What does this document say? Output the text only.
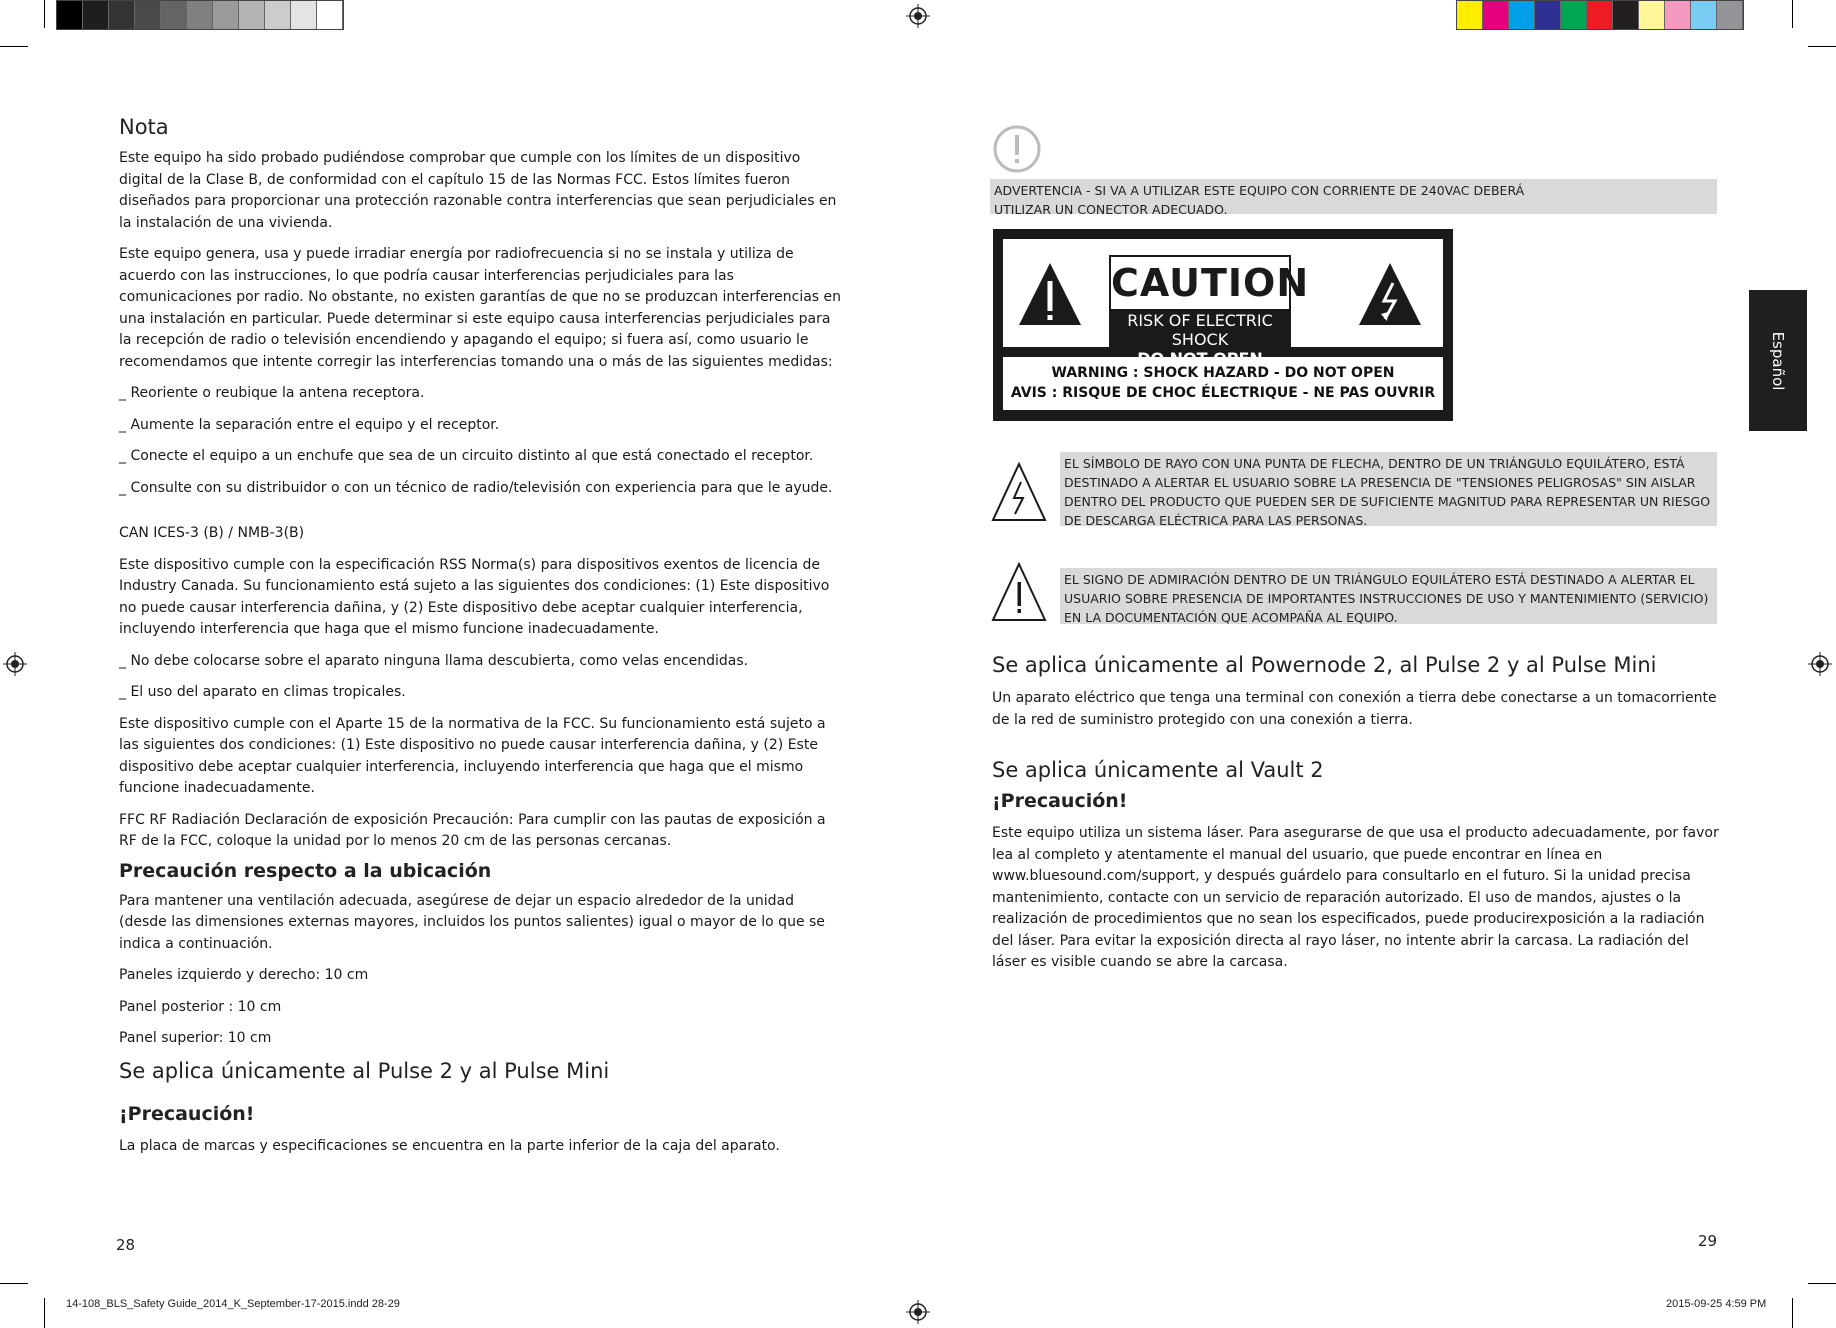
Nota

Este equipo ha sido probado pudiéndose comprobar que cumple con los límites de un dispositivo digital de la Clase B, de conformidad con el capítulo 15 de las Normas FCC. Estos límites fueron diseñados para proporcionar una protección razonable contra interferencias que sean perjudiciales en la instalación de una vivienda.

Este equipo genera, usa y puede irradiar energía por radiofrecuencia si no se instala y utiliza de acuerdo con las instrucciones, lo que podría causar interferencias perjudiciales para las comunicaciones por radio. No obstante, no existen garantías de que no se produzcan interferencias en una instalación en particular. Puede determinar si este equipo causa interferencias perjudiciales para la recepción de radio o televisión encendiendo y apagando el equipo; si fuera así, como usuario le recomendamos que intente corregir las interferencias tomando una o más de las siguientes medidas:

_ Reoriente o reubique la antena receptora.

_ Aumente la separación entre el equipo y el receptor.

_ Conecte el equipo a un enchufe que sea de un circuito distinto al que está conectado el receptor.

_ Consulte con su distribuidor o con un técnico de radio/televisión con experiencia para que le ayude.

CAN ICES-3 (B) / NMB-3(B)

Este dispositivo cumple con la especificación RSS Norma(s) para dispositivos exentos de licencia de Industry Canada. Su funcionamiento está sujeto a las siguientes dos condiciones: (1) Este dispositivo no puede causar interferencia dañina, y (2) Este dispositivo debe aceptar cualquier interferencia, incluyendo interferencia que haga que el mismo funcione inadecuadamente.

_ No debe colocarse sobre el aparato ninguna llama descubierta, como velas encendidas.

_ El uso del aparato en climas tropicales.

Este dispositivo cumple con el Aparte 15 de la normativa de la FCC. Su funcionamiento está sujeto a las siguientes dos condiciones: (1) Este dispositivo no puede causar interferencia dañina, y (2) Este dispositivo debe aceptar cualquier interferencia, incluyendo interferencia que haga que el mismo funcione inadecuadamente.

FFC RF Radiación Declaración de exposición Precaución: Para cumplir con las pautas de exposición a RF de la FCC, coloque la unidad por lo menos 20 cm de las personas cercanas.

Precaución respecto a la ubicación

Para mantener una ventilación adecuada, asegúrese de dejar un espacio alrededor de la unidad (desde las dimensiones externas mayores, incluidos los puntos salientes) igual o mayor de lo que se indica a continuación.

Paneles izquierdo y derecho: 10 cm

Panel posterior : 10 cm

Panel superior: 10 cm

Se aplica únicamente al Pulse 2 y al Pulse Mini
¡Precaución!

La placa de marcas y especificaciones se encuentra en la parte inferior de la caja del aparato.

28
Español
ADVERTENCIA - SI VA A UTILIZAR ESTE EQUIPO CON CORRIENTE DE 240VAC DEBERÁ UTILIZAR UN CONECTOR ADECUADO.
CAUTION
RISK OF ELECTRIC SHOCK
WARNING : SHOCK HAZARD - DO NOT OPEN
AVIS : RISQUE DE CHOC ÉLECTRIQUE - NE PAS OUVRIR
EL SÍMBOLO DE RAYO CON UNA PUNTA DE FLECHA, DENTRO DE UN TRIÁNGULO EQUILÁTERO, ESTÁ DESTINADO A ALERTAR EL USUARIO SOBRE LA PRESENCIA DE "TENSIONES PELIGROSAS" SIN AISLAR DENTRO DEL PRODUCTO QUE PUEDEN SER DE SUFICIENTE MAGNITUD PARA REPRESENTAR UN RIESGO DE DESCARGA ELÉCTRICA PARA LAS PERSONAS.
EL SIGNO DE ADMIRACIÓN DENTRO DE UN TRIÁNGULO EQUILÁTERO ESTÁ DESTINADO A ALERTAR EL USUARIO SOBRE PRESENCIA DE IMPORTANTES INSTRUCCIONES DE USO Y MANTENIMIENTO (SERVICIO) EN LA DOCUMENTACIÓN QUE ACOMPAÑA AL EQUIPO.
Se aplica únicamente al Powernode 2, al Pulse 2 y al Pulse Mini

Un aparato eléctrico que tenga una terminal con conexión a tierra debe conectarse a un tomacorriente de la red de suministro protegido con una conexión a tierra.

Se aplica únicamente al Vault 2
¡Precaución!

Este equipo utiliza un sistema láser. Para asegurarse de que usa el producto adecuadamente, por favor lea al completo y atentamente el manual del usuario, que puede encontrar en línea en www.bluesound.com/support, y después guárdelo para consultarlo en el futuro. Si la unidad precisa mantenimiento, contacte con un servicio de reparación autorizado. El uso de mandos, ajustes o la realización de procedimientos que no sean los especificados, puede producirexposición a la radiación del láser. Para evitar la exposición directa al rayo láser, no intente abrir la carcasa. La radiación del láser es visible cuando se abre la carcasa.

29
14-108_BLS_Safety Guide_2014_K_September-17-2015.indd 28-29	2015-09-25 4:59 PM
